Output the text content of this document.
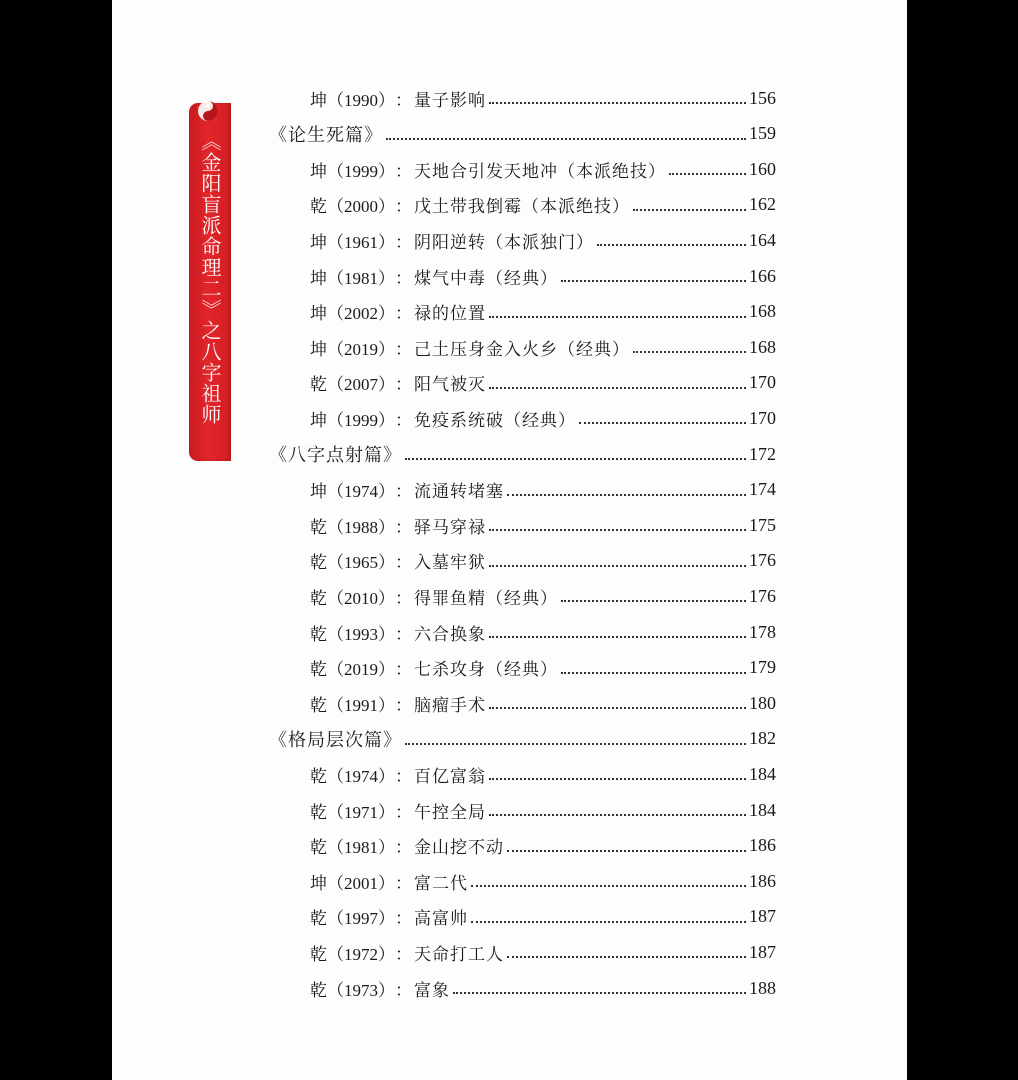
《金阳盲派命理二》之八字祖师
坤（1990） ： 量子影响	156
《论生死篇》	159
坤（1999） ： 天地合引发天地冲（本派绝技）	160
乾（2000） ： 戊土带我倒霉（本派绝技）	162
坤（1961） ： 阴阳逆转（本派独门）	164
坤（1981） ： 煤气中毒（经典）	166
坤（2002） ： 禄的位置	168
坤（2019） ： 己土压身金入火乡（经典）	168
乾（2007） ： 阳气被灭	170
坤（1999） ： 免疫系统破（经典）	170
《八字点射篇》	172
坤（1974） ： 流通转堵塞	174
乾（1988） ： 驿马穿禄	175
乾（1965） ： 入墓牢狱	176
乾（2010） ： 得罪鱼精（经典）	176
乾（1993） ： 六合换象	178
乾（2019） ： 七杀攻身（经典）	179
乾（1991） ： 脑瘤手术	180
《格局层次篇》	182
乾（1974） ： 百亿富翁	184
乾（1971） ： 午控全局	184
乾（1981） ： 金山挖不动	186
坤（2001） ： 富二代	186
乾（1997） ： 高富帅	187
乾（1972） ： 天命打工人	187
乾（1973） ： 富象	188
